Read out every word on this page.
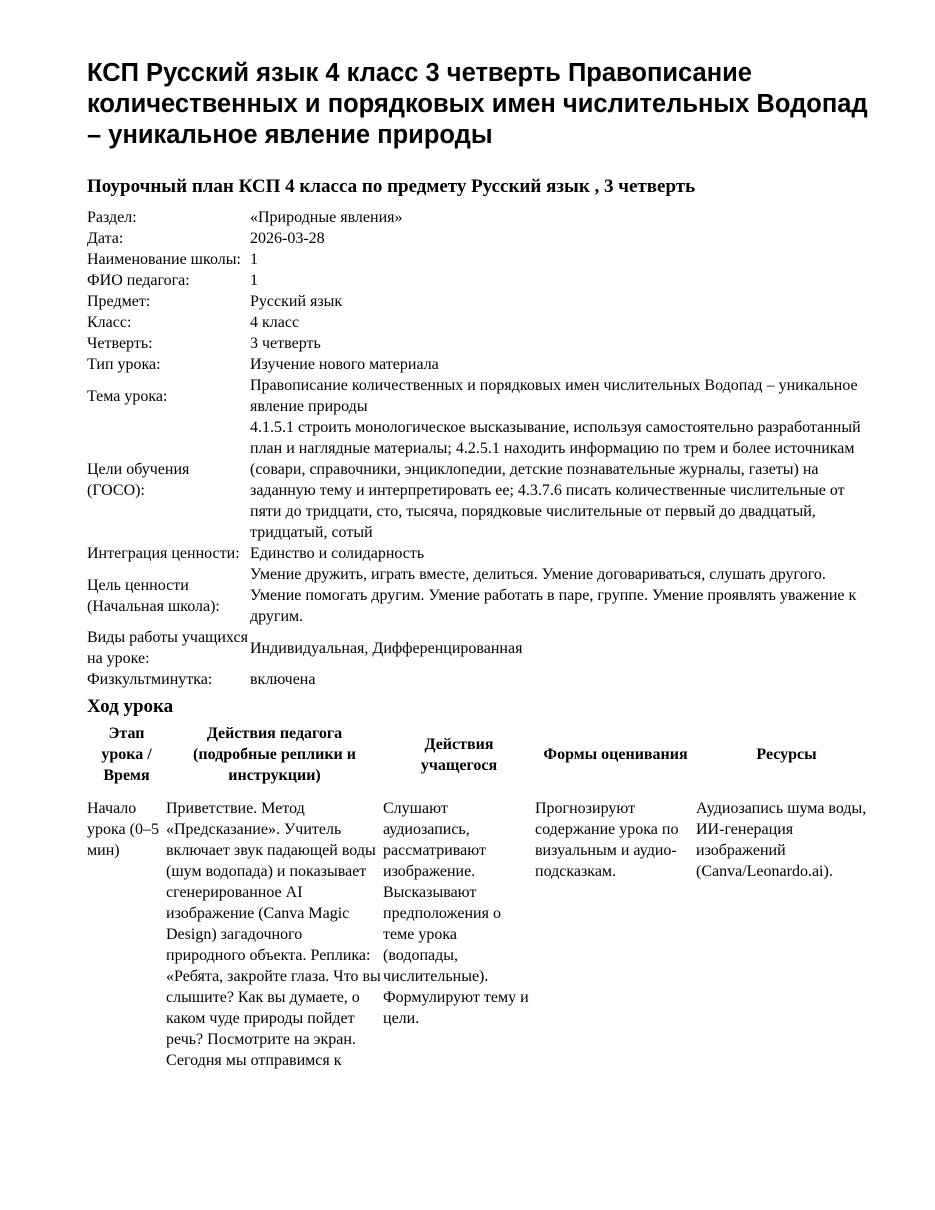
КСП Русский язык 4 класс 3 четверть Правописание количественных и порядковых имен числительных Водопад – уникальное явление природы
Поурочный план КСП 4 класса по предмету Русский язык , 3 четверть
Раздел:	«Природные явления»
Дата:	2026-03-28
Наименование школы:	1
ФИО педагога:	1
Предмет:	Русский язык
Класс:	4 класс
Четверть:	3 четверть
Тип урока:	Изучение нового материала
Тема урока:	Правописание количественных и порядковых имен числительных Водопад – уникальное явление природы
Цели обучения (ГОСО):	4.1.5.1 строить монологическое высказывание, используя самостоятельно разработанный план и наглядные материалы; 4.2.5.1 находить информацию по трем и более источникам (совари, справочники, энциклопедии, детские познавательные журналы, газеты) на заданную тему и интерпретировать ее; 4.3.7.6 писать количественные числительные от пяти до тридцати, сто, тысяча, порядковые числительные от первый до двадцатый, тридцатый, сотый
Интеграция ценности:	Единство и солидарность
Цель ценности (Начальная школа):	Умение дружить, играть вместе, делиться. Умение договариваться, слушать другого. Умение помогать другим. Умение работать в паре, группе. Умение проявлять уважение к другим.
Виды работы учащихся на уроке:	Индивидуальная, Дифференцированная
Физкультминутка:	включена
Ход урока
Этап урока / Время	Действия педагога (подробные реплики и инструкции)	Действия учащегося	Формы оценивания	Ресурсы
Начало урока (0–5 мин)	Приветствие. Метод «Предсказание». Учитель включает звук падающей воды (шум водопада) и показывает сгенерированное AI изображение (Canva Magic Design) загадочного природного объекта. Реплика: «Ребята, закройте глаза. Что вы слышите? Как вы думаете, о каком чуде природы пойдет речь? Посмотрите на экран. Сегодня мы отправимся к	Слушают аудиозапись, рассматривают изображение. Высказывают предположения о теме урока (водопады, числительные). Формулируют тему и цели.	Прогнозируют содержание урока по визуальным и аудио-подсказкам.	Аудиозапись шума воды, ИИ-генерация изображений (Canva/Leonardo.ai).
